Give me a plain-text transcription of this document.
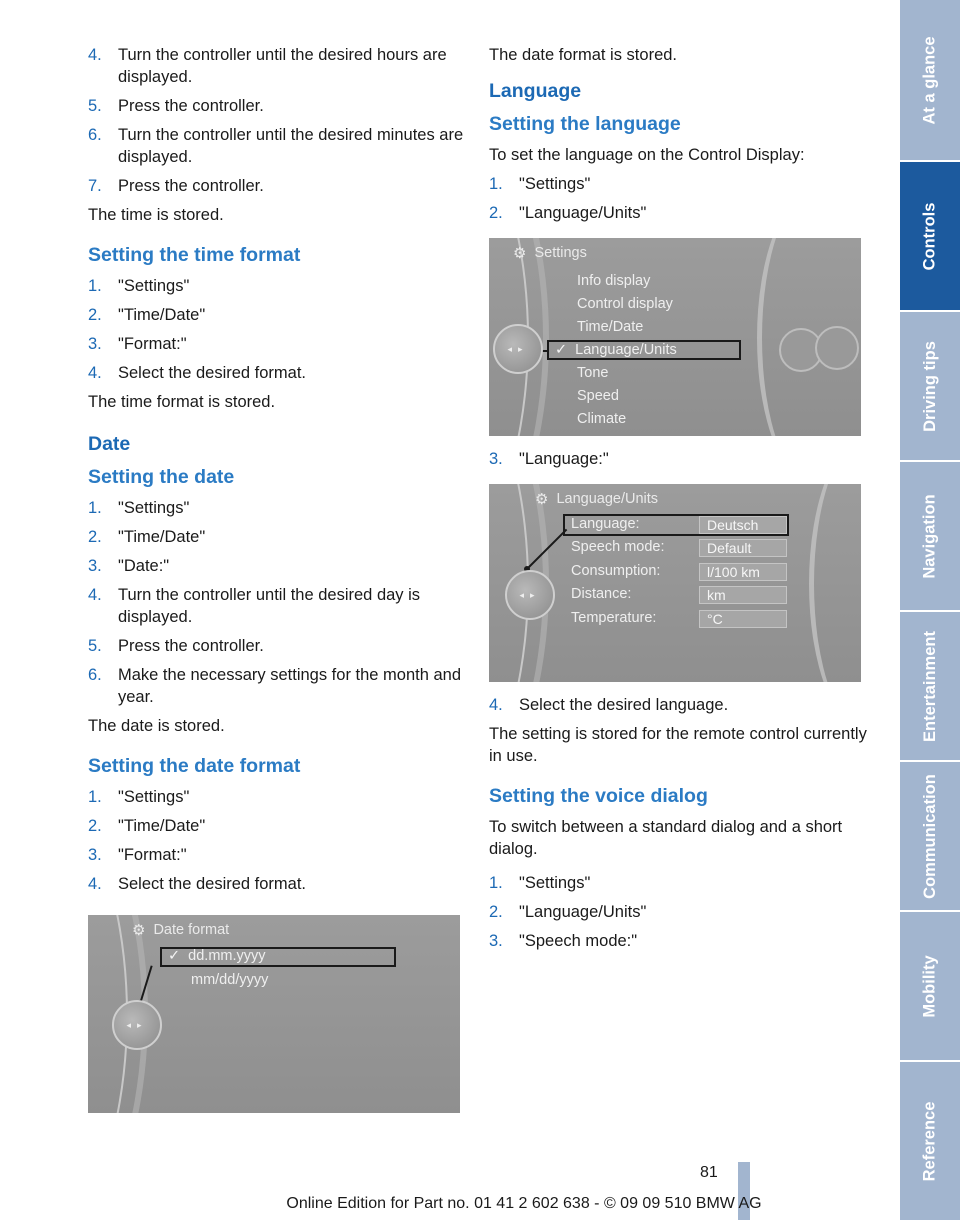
4. Turn the controller until the desired hours are displayed.
5. Press the controller.
6. Turn the controller until the desired minutes are displayed.
7. Press the controller.

The time is stored.

Setting the time format
1. "Settings"
2. "Time/Date"
3. "Format:"
4. Select the desired format.

The time format is stored.

Date
Setting the date
1. "Settings"
2. "Time/Date"
3. "Date:"
4. Turn the controller until the desired day is displayed.
5. Press the controller.
6. Make the necessary settings for the month and year.

The date is stored.

Setting the date format
1. "Settings"
2. "Time/Date"
3. "Format:"
4. Select the desired format.
⚙ Date format
✓ dd.mm.yyyy
mm/dd/yyyy
◂▸

The date format is stored.

Language
Setting the language

To set the language on the Control Display:

1. "Settings"
2. "Language/Units"
⚙ Settings
Info display
Control display
Time/Date
✓ Language/Units
Tone
Speed
Climate
◂▸
3. "Language:"
⚙ Language/Units
Language:	Deutsch
Speech mode:	Default
Consumption:	l/100 km
Distance:	km
Temperature:	°C
◂▸
4. Select the desired language.

The setting is stored for the remote control currently in use.

Setting the voice dialog

To switch between a standard dialog and a short dialog.

1. "Settings"
2. "Language/Units"
3. "Speech mode:"
At a glance
Controls
Driving tips
Navigation
Entertainment
Communication
Mobility
Reference
81
Online Edition for Part no. 01 41 2 602 638 - © 09 09 510 BMW AG
